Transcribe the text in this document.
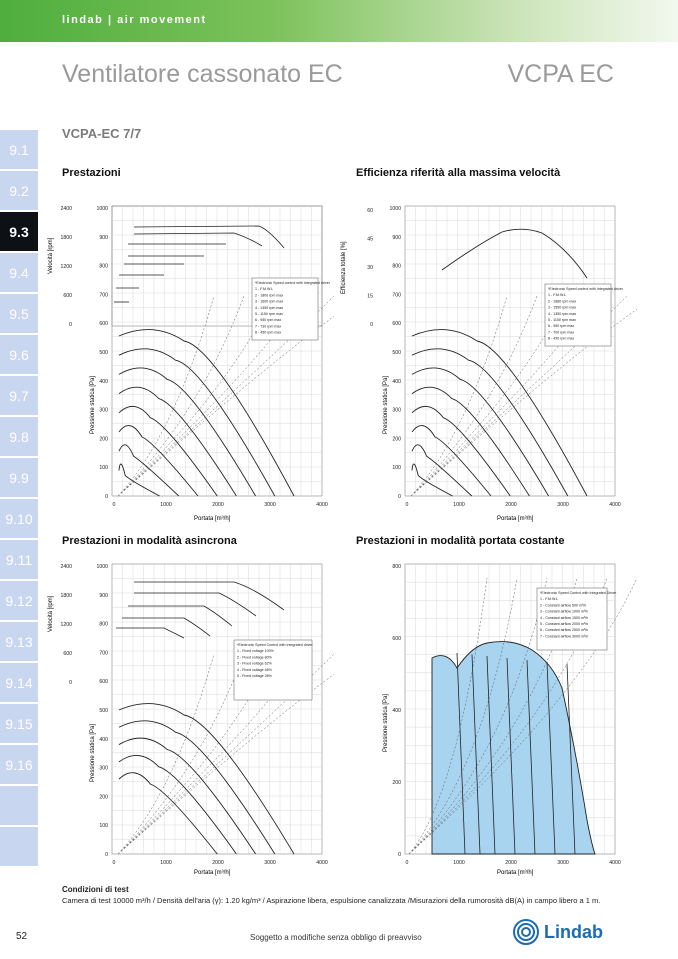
lindab | air movement
Ventilatore cassonato EC	VCPA EC
VCPA-EC 7/7
9.1
9.2
9.3
9.4
9.5
9.6
9.7
9.8
9.9
9.10
9.11
9.12
9.13
9.14
9.15
9.16
Prestazioni	Efficienza riferità alla massima velocità
Prestazioni in modalità asincrona	Prestazioni in modalità portata costante
*Electronic Speed control with Integrated driver
1 - F.M.W.L
2 - 1800 rpm max
3 - 1600 rpm max
4 - 1350 rpm max
5 - 1150 rpm max
6 - 950 rpm max
7 - 730 rpm max
8 - 450 rpm max
Velocità [rpm]
Pressione statica [Pa]
2400
1800
1200
600
0
1000
900
800
700
600
500
400
300
200
100
0
0	1000	2000	3000	4000
Portata [m³/h]
*Electronic Speed control with Integrated driver
1 - F.M.W.L
2 - 1880 rpm max
3 - 1550 rpm max
4 - 1350 rpm max
5 - 1150 rpm max
6 - 950 rpm max
7 - 700 rpm max
8 - 430 rpm max
Efficienza totale [%]
Pressione statica [Pa]
60
45
30
15
0
1000
900
800
700
600
500
400
300
200
100
0
0	1000	2000	3000	4000
Portata [m³/h]
*Electronic Speed Control with Integrated driver
1 - Fixed voltage 100%
2 - Fixed voltage 80%
3 - Fixed voltage 62%
4 - Fixed voltage 46%
5 - Fixed voltage 28%
Velocità [rpm]
Pressione statica [Pa]
2400
1800
1200
600
0
1000
900
800
700
600
500
400
300
200
100
0
0	1000	2000	3000	4000
Portata [m³/h]
*Electronic Speed Control with Integrated Driver
1 - F.M.W.L
2 - Constant airflow 500 m³/h
3 - Constant airflow 1000 m³/h
4 - Constant airflow 1500 m³/h
5 - Constant airflow 2000 m³/h
6 - Constant airflow 2500 m³/h
7 - Constant airflow 3000 m³/h
Pressione statica [Pa]
800
600
400
200
0
0	1000	2000	3000	4000
Portata [m³/h]
Condizioni di test
Camera di test 10000 m³/h / Densità dell'aria (γ): 1.20 kg/m³ / Aspirazione libera, espulsione canalizzata /Misurazioni della rumorosità dB(A) in campo libero a 1 m.
52	Soggetto a modifiche senza obbligo di preavviso	Lindab
